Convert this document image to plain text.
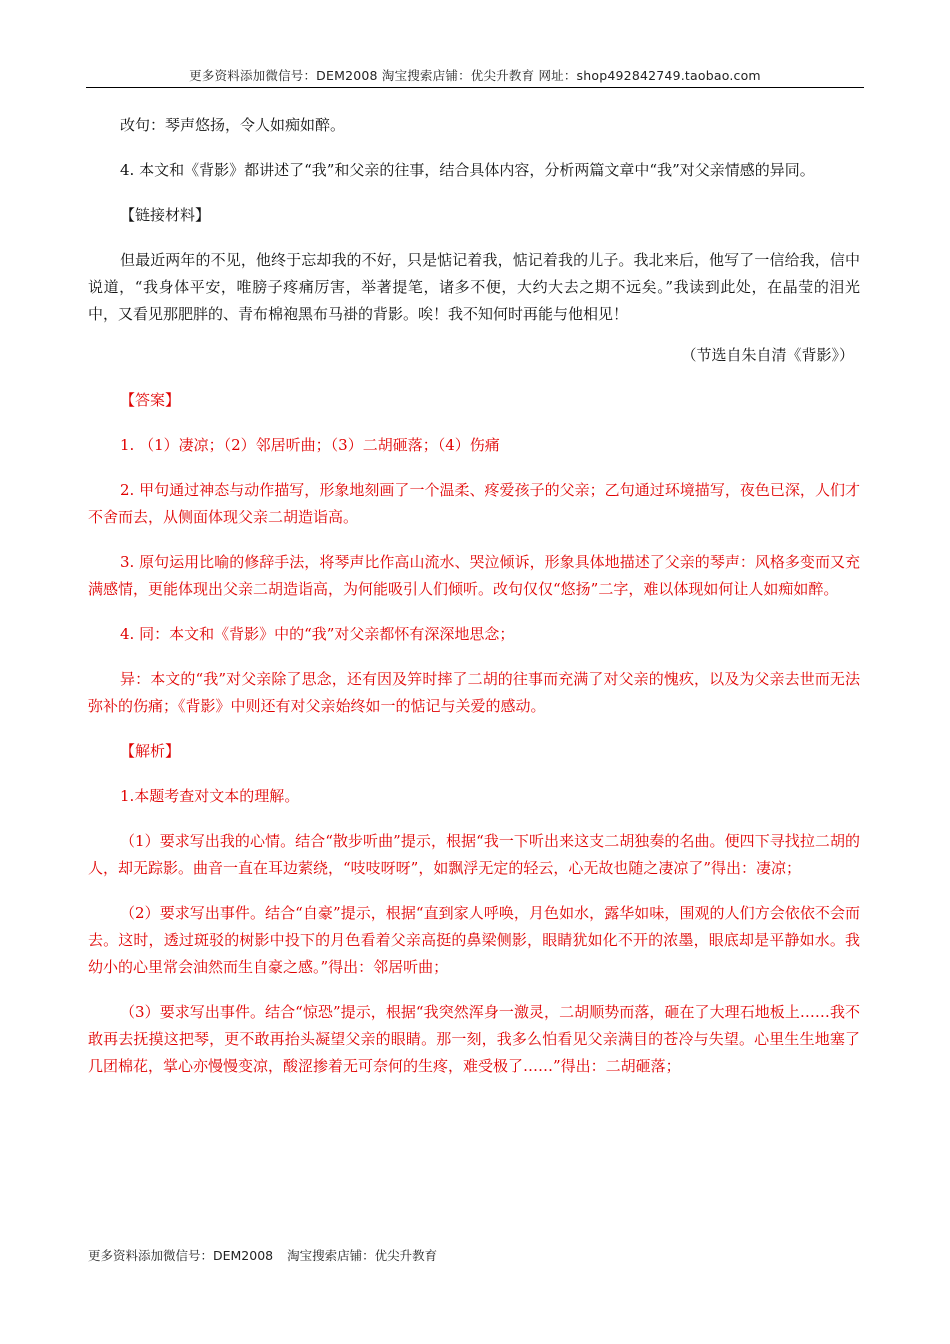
更多资料添加微信号：DEM2008 淘宝搜索店铺：优尖升教育 网址：shop492842749.taobao.com

改句：琴声悠扬，令人如痴如醉。

4. 本文和《背影》都讲述了“我”和父亲的往事，结合具体内容，分析两篇文章中“我”对父亲情感的异同。

【链接材料】

但最近两年的不见，他终于忘却我的不好，只是惦记着我，惦记着我的儿子。我北来后，他写了一信给我，信中说道，“我身体平安，唯膀子疼痛厉害，举著提笔，诸多不便，大约大去之期不远矣。”我读到此处，在晶莹的泪光中，又看见那肥胖的、青布棉袍黑布马褂的背影。唉！我不知何时再能与他相见！

（节选自朱自清《背影》）

【答案】

1. （1）凄凉；（2）邻居听曲；（3）二胡砸落；（4）伤痛

2. 甲句通过神态与动作描写，形象地刻画了一个温柔、疼爱孩子的父亲；乙句通过环境描写，夜色已深，人们才不舍而去，从侧面体现父亲二胡造诣高。

3. 原句运用比喻的修辞手法，将琴声比作高山流水、哭泣倾诉，形象具体地描述了父亲的琴声：风格多变而又充满感情，更能体现出父亲二胡造诣高，为何能吸引人们倾听。改句仅仅“悠扬”二字，难以体现如何让人如痴如醉。

4. 同：本文和《背影》中的“我”对父亲都怀有深深地思念；

异：本文的“我”对父亲除了思念，还有因及笄时摔了二胡的往事而充满了对父亲的愧疚，以及为父亲去世而无法弥补的伤痛；《背影》中则还有对父亲始终如一的惦记与关爱的感动。

【解析】

1.本题考查对文本的理解。

（1）要求写出我的心情。结合“散步听曲”提示，根据“我一下听出来这支二胡独奏的名曲。便四下寻找拉二胡的人，却无踪影。曲音一直在耳边萦绕，“吱吱呀呀”，如飘浮无定的轻云，心无故也随之凄凉了”得出：凄凉；

（2）要求写出事件。结合“自豪”提示，根据“直到家人呼唤，月色如水，露华如味，围观的人们方会依依不会而去。这时，透过斑驳的树影中投下的月色看着父亲高挺的鼻梁侧影，眼睛犹如化不开的浓墨，眼底却是平静如水。我幼小的心里常会油然而生自豪之感。”得出：邻居听曲；

（3）要求写出事件。结合“惊恐”提示，根据“我突然浑身一激灵，二胡顺势而落，砸在了大理石地板上……我不敢再去抚摸这把琴，更不敢再抬头凝望父亲的眼睛。那一刻，我多么怕看见父亲满目的苍冷与失望。心里生生地塞了几团棉花，掌心亦慢慢变凉，酸涩掺着无可奈何的生疼，难受极了……”得出：二胡砸落；

更多资料添加微信号：DEM2008 淘宝搜索店铺：优尖升教育
